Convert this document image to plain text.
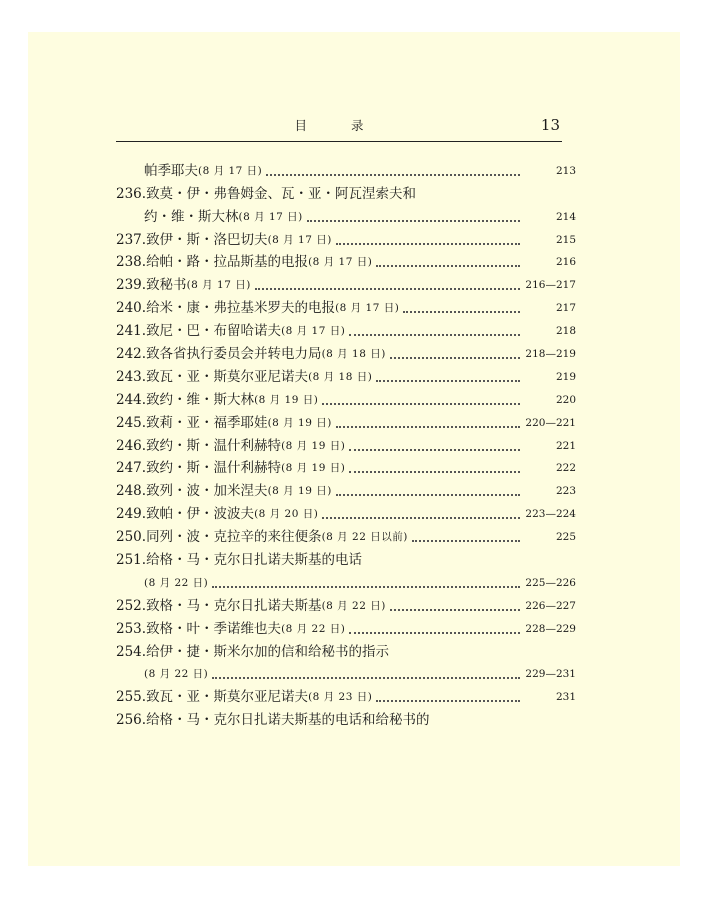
目 录	13
帕季耶夫 (8 月 17 日)	213
236. 致莫・伊・弗鲁姆金、瓦・亚・阿瓦涅索夫和
约・维・斯大林 (8 月 17 日)	214
237. 致伊・斯・洛巴切夫 (8 月 17 日)	215
238. 给帕・路・拉品斯基的电报 (8 月 17 日)	216
239. 致秘书 (8 月 17 日)	216—217
240. 给米・康・弗拉基米罗夫的电报 (8 月 17 日)	217
241. 致尼・巴・布留哈诺夫 (8 月 17 日)	218
242. 致各省执行委员会并转电力局 (8 月 18 日)	218—219
243. 致瓦・亚・斯莫尔亚尼诺夫 (8 月 18 日)	219
244. 致约・维・斯大林 (8 月 19 日)	220
245. 致莉・亚・福季耶娃 (8 月 19 日)	220—221
246. 致约・斯・温什利赫特 (8 月 19 日)	221
247. 致约・斯・温什利赫特 (8 月 19 日)	222
248. 致列・波・加米涅夫 (8 月 19 日)	223
249. 致帕・伊・波波夫 (8 月 20 日)	223—224
250. 同列・波・克拉辛的来往便条 (8 月 22 日以前)	225
251. 给格・马・克尔日扎诺夫斯基的电话
(8 月 22 日)	225—226
252. 致格・马・克尔日扎诺夫斯基 (8 月 22 日)	226—227
253. 致格・叶・季诺维也夫 (8 月 22 日)	228—229
254. 给伊・捷・斯米尔加的信和给秘书的指示
(8 月 22 日)	229—231
255. 致瓦・亚・斯莫尔亚尼诺夫 (8 月 23 日)	231
256. 给格・马・克尔日扎诺夫斯基的电话和给秘书的
